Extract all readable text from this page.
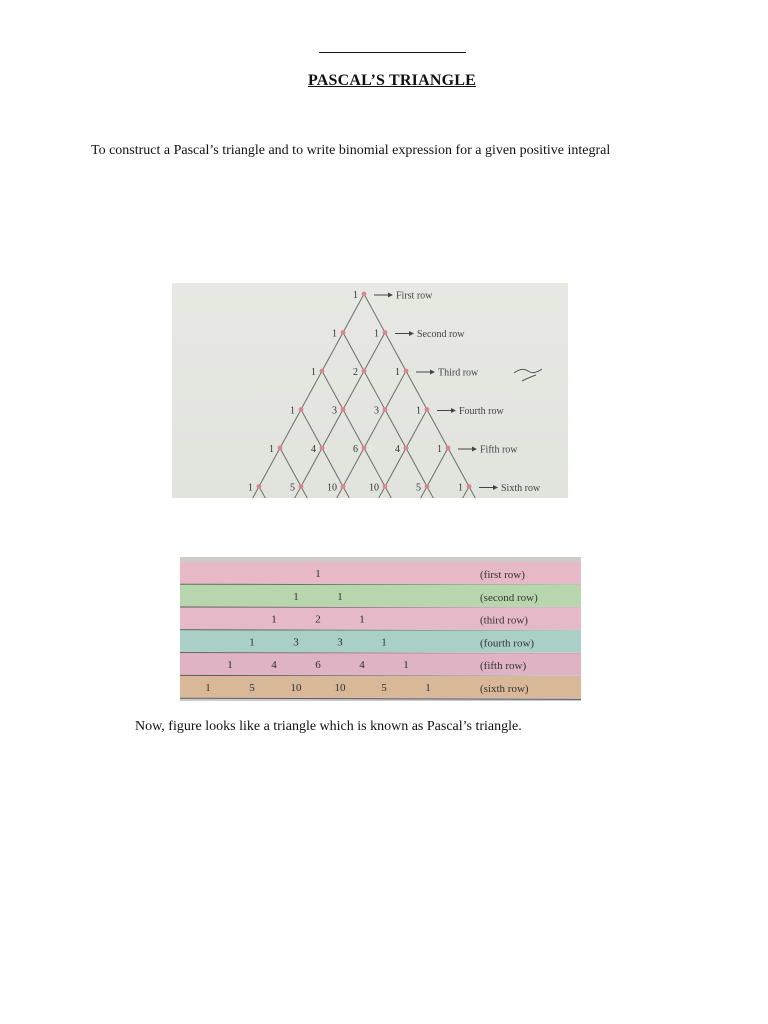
PASCAL’S TRIANGLE
To construct a Pascal’s triangle and to write binomial expression for a given positive integral
1	First row
1	1	Second row
1	2	1	Third row
1	3	3	1	Fourth row
1	4	6	4	1	Fifth row
1	5	10	10	5	1	Sixth row
1	(first row)
1	1	(second row)
1	2	1	(third row)
1	3	3	1	(fourth row)
1	4	6	4	1	(fifth row)
1	5	10	10	5	1	(sixth row)
Now, figure looks like a triangle which is known as Pascal’s triangle.
